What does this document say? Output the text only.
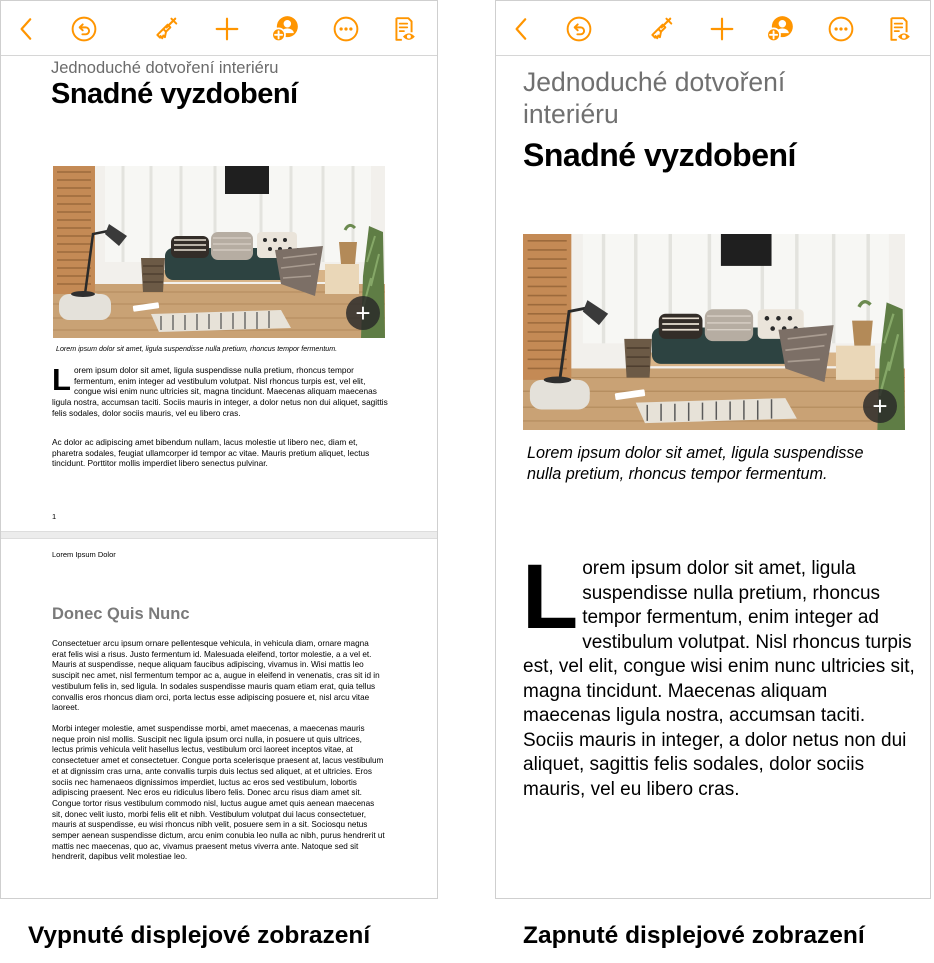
Jednoduché dotvoření interiéru
Snadné vyzdobení
+
Lorem ipsum dolor sit amet, ligula suspendisse nulla pretium, rhoncus tempor fermentum.
Lorem ipsum dolor sit amet, ligula suspendisse nulla pretium, rhoncus tempor fermentum, enim integer ad vestibulum volutpat. Nisl rhoncus turpis est, vel elit, congue wisi enim nunc ultricies sit, magna tincidunt. Maecenas aliquam maecenas ligula nostra, accumsan taciti. Sociis mauris in integer, a dolor netus non dui aliquet, sagittis felis sodales, dolor sociis mauris, vel eu libero cras.
Ac dolor ac adipiscing amet bibendum nullam, lacus molestie ut libero nec, diam et, pharetra sodales, feugiat ullamcorper id tempor ac vitae. Mauris pretium aliquet, lectus tincidunt. Porttitor mollis imperdiet libero senectus pulvinar.
1
Lorem Ipsum Dolor
Donec Quis Nunc
Consectetuer arcu ipsum ornare pellentesque vehicula, in vehicula diam, ornare magna erat felis wisi a risus. Justo fermentum id. Malesuada eleifend, tortor molestie, a a vel et. Mauris at suspendisse, neque aliquam faucibus adipiscing, vivamus in. Wisi mattis leo suscipit nec amet, nisl fermentum tempor ac a, augue in eleifend in venenatis, cras sit id in vestibulum felis in, sed ligula. In sodales suspendisse mauris quam etiam erat, quia tellus convallis eros rhoncus diam orci, porta lectus esse adipiscing posuere et, nisl arcu vitae laoreet.
Morbi integer molestie, amet suspendisse morbi, amet maecenas, a maecenas mauris neque proin nisl mollis. Suscipit nec ligula ipsum orci nulla, in posuere ut quis ultrices, lectus primis vehicula velit hasellus lectus, vestibulum orci laoreet inceptos vitae, at consectetuer amet et consectetuer. Congue porta scelerisque praesent at, lacus vestibulum et at dignissim cras urna, ante convallis turpis duis lectus sed aliquet, at et ultricies. Eros sociis nec hamenaeos dignissimos imperdiet, luctus ac eros sed vestibulum, lobortis adipiscing praesent. Nec eros eu ridiculus libero felis. Donec arcu risus diam amet sit. Congue tortor risus vestibulum commodo nisl, luctus augue amet quis aenean maecenas sit, donec velit iusto, morbi felis elit et nibh. Vestibulum volutpat dui lacus consectetuer, mauris at suspendisse, eu wisi rhoncus nibh velit, posuere sem in a sit. Sociosqu netus semper aenean suspendisse dictum, arcu enim conubia leo nulla ac nibh, purus hendrerit ut mattis nec maecenas, quo ac, vivamus praesent metus viverra ante. Natoque sed sit hendrerit, dapibus velit molestiae leo.
Jednoduché dotvoření interiéru
Snadné vyzdobení
+
Lorem ipsum dolor sit amet, ligula suspendisse nulla pretium, rhoncus tempor fermentum.
Lorem ipsum dolor sit amet, ligula suspendisse nulla pretium, rhoncus tempor fermentum, enim integer ad vestibulum volutpat. Nisl rhoncus turpis est, vel elit, congue wisi enim nunc ultricies sit, magna tincidunt. Maecenas aliquam maecenas ligula nostra, accumsan taciti. Sociis mauris in integer, a dolor netus non dui aliquet, sagittis felis sodales, dolor sociis mauris, vel eu libero cras.
Vypnuté displejové zobrazení	Zapnuté displejové zobrazení
